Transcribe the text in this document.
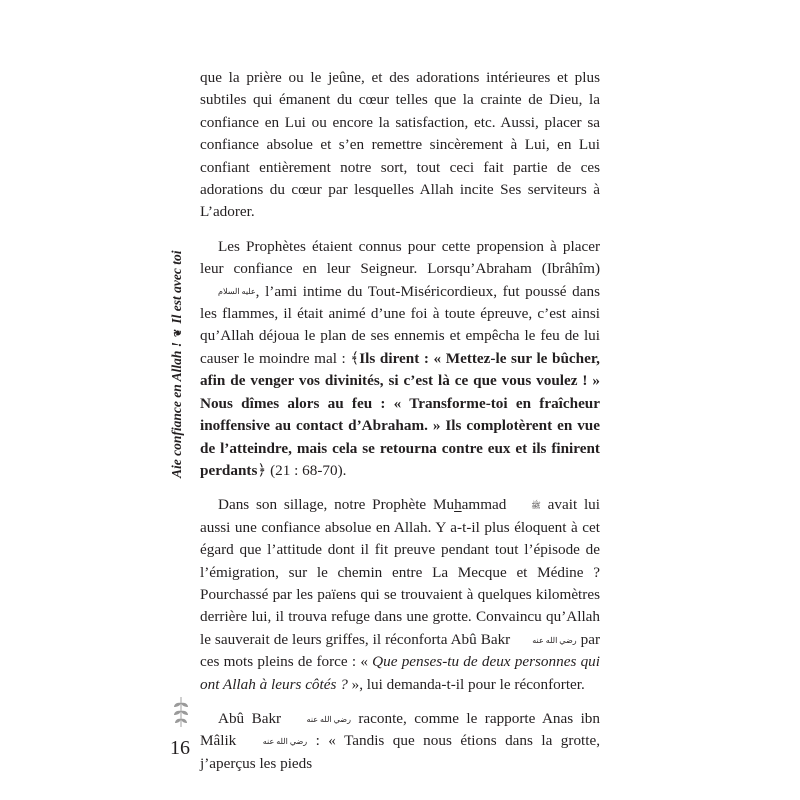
que la prière ou le jeûne, et des adorations intérieures et plus subtiles qui émanent du cœur telles que la crainte de Dieu, la confiance en Lui ou encore la satisfaction, etc. Aussi, placer sa confiance absolue et s’en remettre sincèrement à Lui, en Lui confiant entièrement notre sort, tout ceci fait partie de ces adorations du cœur par lesquelles Allah incite Ses serviteurs à L’adorer.

Les Prophètes étaient connus pour cette propension à placer leur confiance en leur Seigneur. Lorsqu’Abraham (Ibrâhîm) عليه السلام, l’ami intime du Tout-Miséricordieux, fut poussé dans les flammes, il était animé d’une foi à toute épreuve, c’est ainsi qu’Allah déjoua le plan de ses ennemis et empêcha le feu de lui causer le moindre mal : ﴾Ils dirent : « Mettez-le sur le bûcher, afin de venger vos divinités, si c’est là ce que vous voulez ! » Nous dîmes alors au feu : « Transforme-toi en fraîcheur inoffensive au contact d’Abraham. » Ils complotèrent en vue de l’atteindre, mais cela se retourna contre eux et ils finirent perdants﴿ (21 : 68-70).

Dans son sillage, notre Prophète Muhammad	ﷺ avait lui aussi une confiance absolue en Allah. Y a-t-il plus éloquent à cet égard que l’attitude dont il fit preuve pendant tout l’épisode de l’émigration, sur le chemin entre La Mecque et Médine ? Pourchassé par les païens qui se trouvaient à quelques kilomètres derrière lui, il trouva refuge dans une grotte. Convaincu qu’Allah le sauverait de leurs griffes, il réconforta Abû Bakr	رضي الله عنه par ces mots pleins de force : « Que penses-tu de deux personnes qui ont Allah à leurs côtés ? », lui demanda-t-il pour le réconforter.

Abû Bakr	رضي الله عنه raconte, comme le rapporte Anas ibn Mâlik	رضي الله عنه : « Tandis que nous étions dans la grotte, j’aperçus les pieds

Aie confiance en Allah !❦Il est avec toi
16
